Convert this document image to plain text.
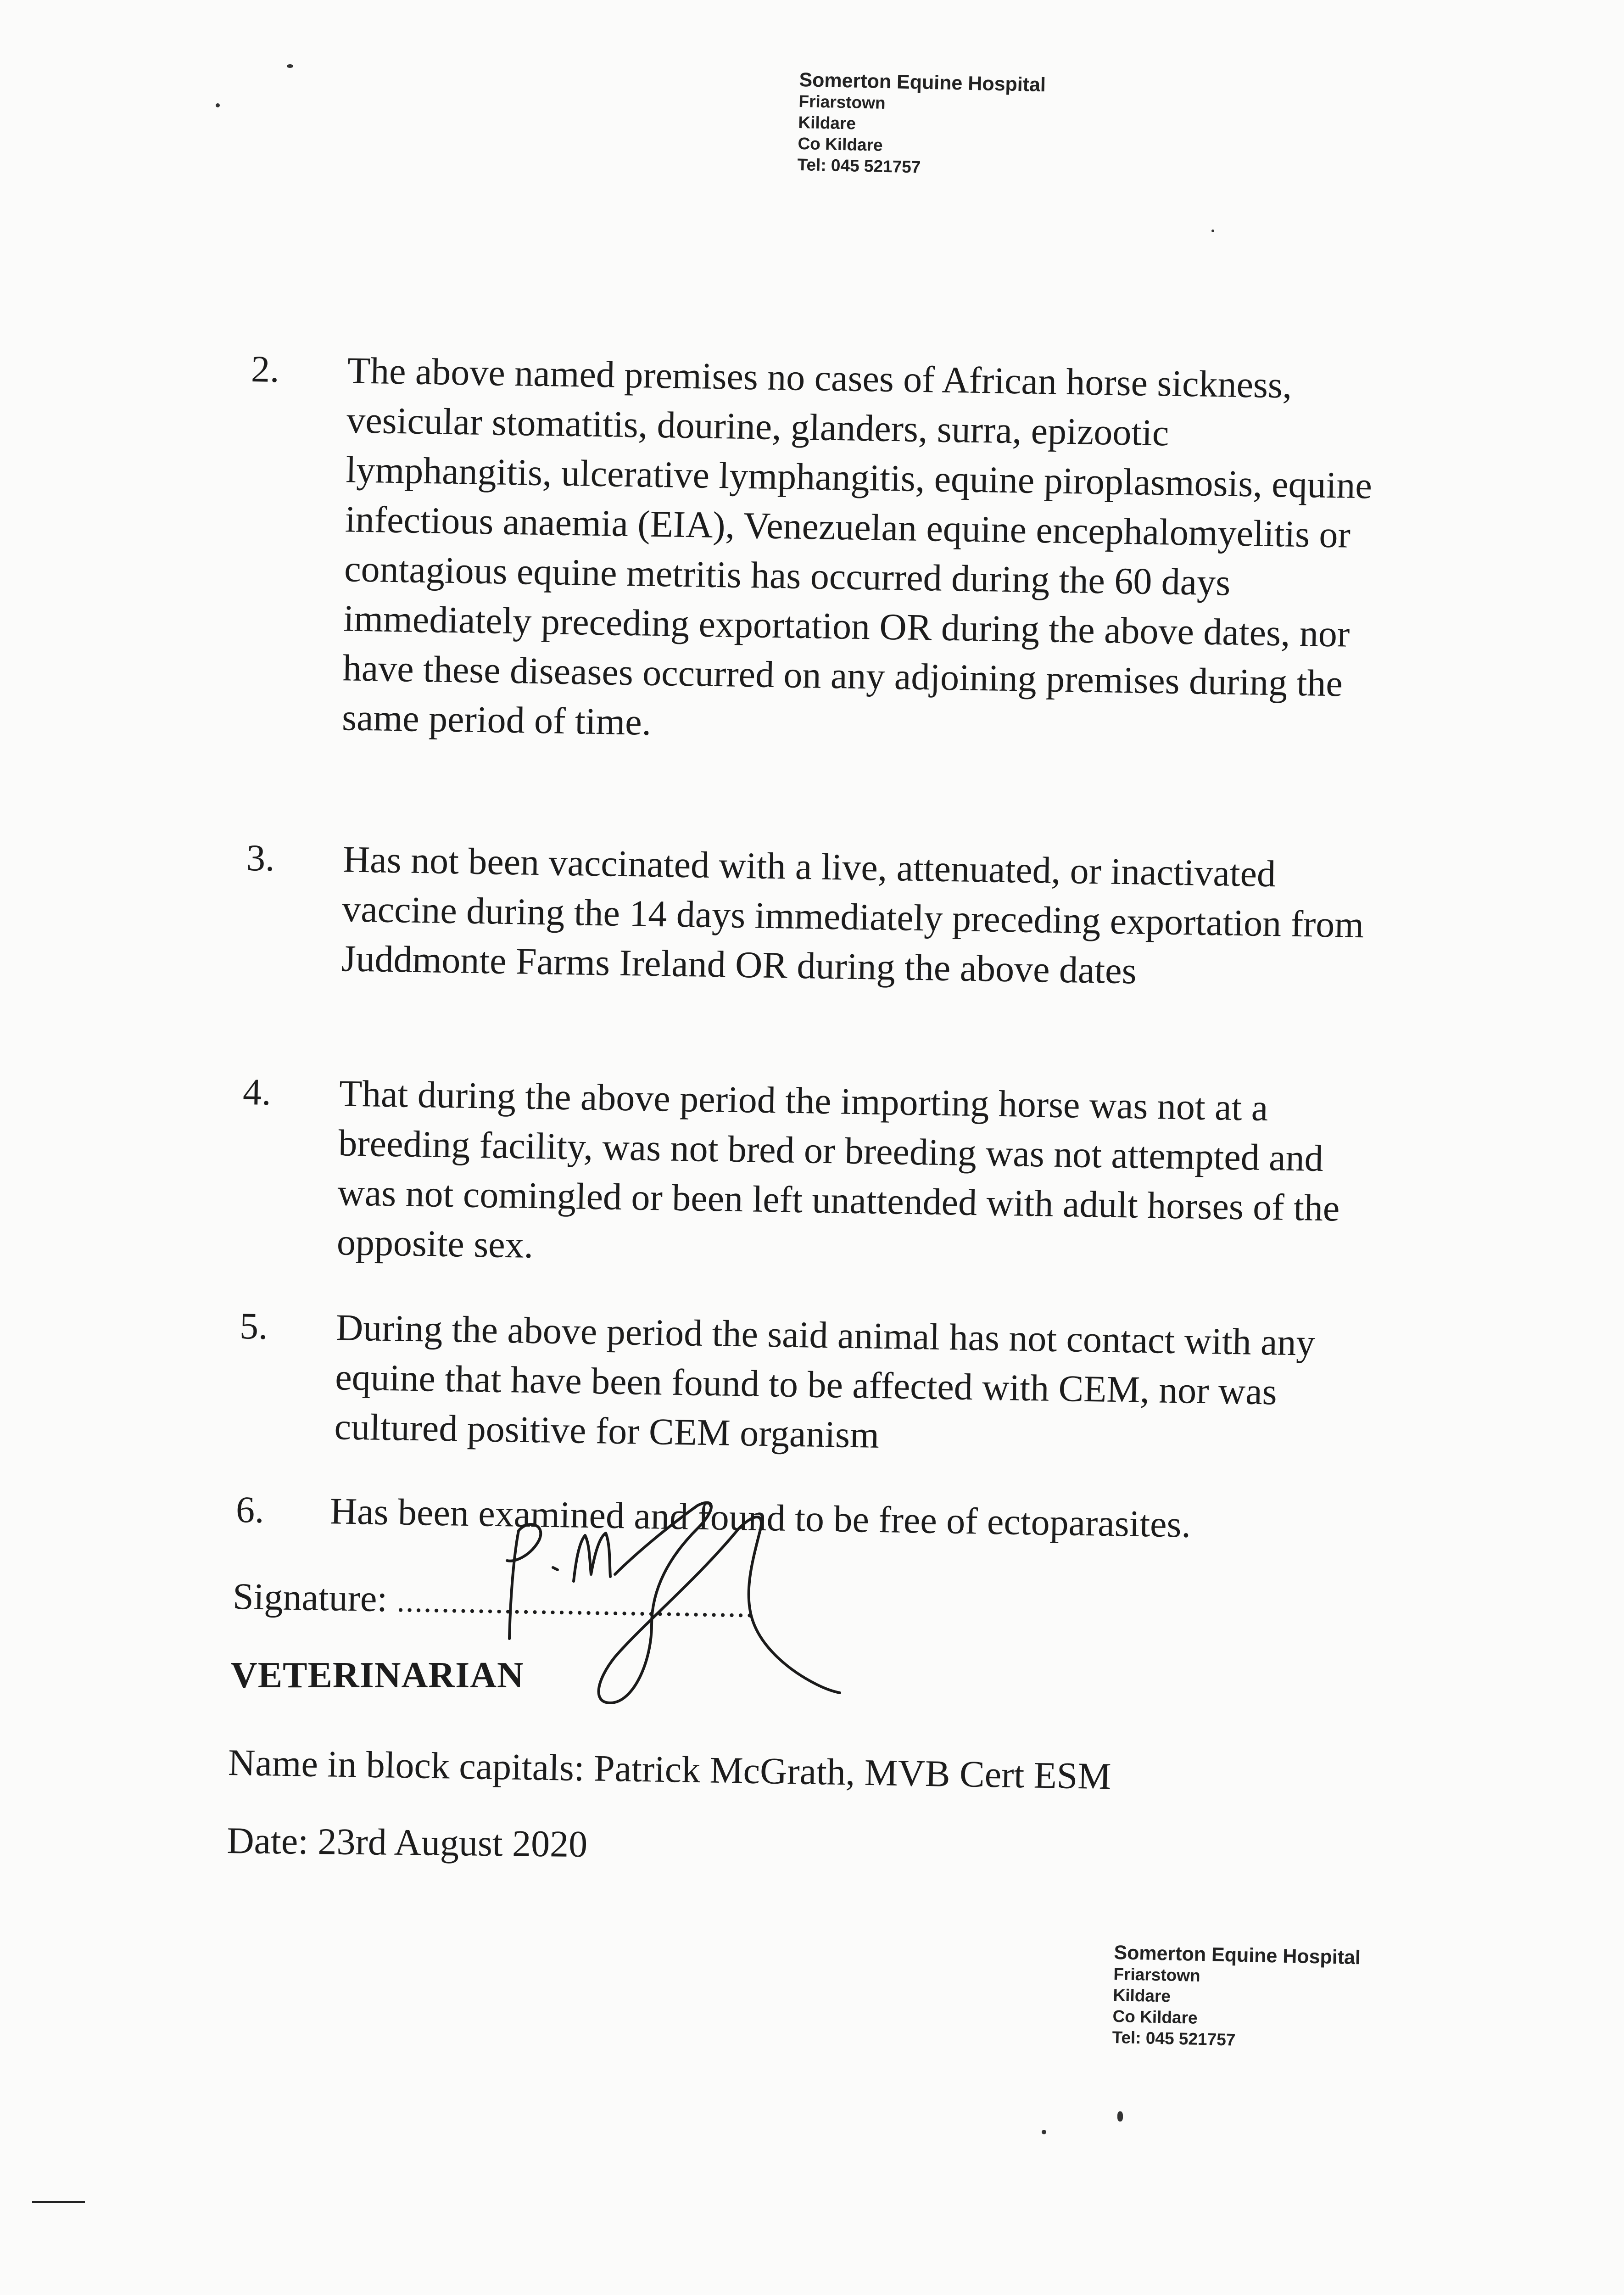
Somerton Equine Hospital
Friarstown
Kildare
Co Kildare
Tel: 045 521757
2. The above named premises no cases of African horse sickness, vesicular stomatitis, dourine, glanders, surra, epizootic lymphangitis, ulcerative lymphangitis, equine piroplasmosis, equine infectious anaemia (EIA), Venezuelan equine encephalomyelitis or contagious equine metritis has occurred during the 60 days immediately preceding exportation OR during the above dates, nor have these diseases occurred on any adjoining premises during the same period of time.
3. Has not been vaccinated with a live, attenuated, or inactivated vaccine during the 14 days immediately preceding exportation from Juddmonte Farms Ireland OR during the above dates
4. That during the above period the importing horse was not at a breeding facility, was not bred or breeding was not attempted and was not comingled or been left unattended with adult horses of the opposite sex.
5. During the above period the said animal has not contact with any equine that have been found to be affected with CEM, nor was cultured positive for CEM organism
6. Has been examined and found to be free of ectoparasites.
Signature: ........................................
VETERINARIAN
Name in block capitals: Patrick McGrath, MVB Cert ESM
Date: 23rd August 2020
Somerton Equine Hospital
Friarstown
Kildare
Co Kildare
Tel: 045 521757
